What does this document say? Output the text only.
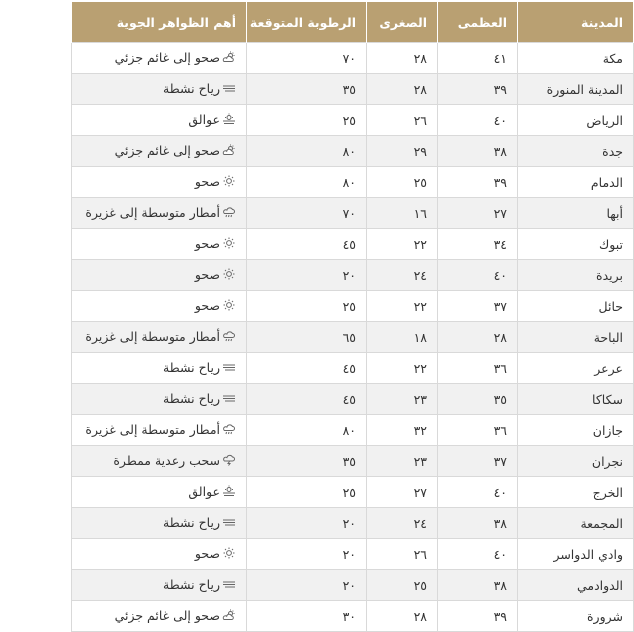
المدينة	العظمى	الصغرى	الرطوبة المتوقعة	أهم الظواهر الجوية
مكة	٤١	٢٨	٧٠	صحو إلى غائم جزئي

المدينة المنورة	٣٩	٢٨	٣٥	رياح نشطة

الرياض	٤٠	٢٦	٢٥	عوالق

جدة	٣٨	٢٩	٨٠	صحو إلى غائم جزئي

الدمام	٣٩	٢٥	٨٠	صحو

أبها	٢٧	١٦	٧٠	أمطار متوسطة إلى غزيرة

تبوك	٣٤	٢٢	٤٥	صحو

بريدة	٤٠	٢٤	٢٠	صحو

حائل	٣٧	٢٢	٢٥	صحو

الباحة	٢٨	١٨	٦٥	أمطار متوسطة إلى غزيرة

عرعر	٣٦	٢٢	٤٥	رياح نشطة

سكاكا	٣٥	٢٣	٤٥	رياح نشطة

جازان	٣٦	٣٢	٨٠	أمطار متوسطة إلى غزيرة

نجران	٣٧	٢٣	٣٥	سحب رعدية ممطرة

الخرج	٤٠	٢٧	٢٥	عوالق

المجمعة	٣٨	٢٤	٢٠	رياح نشطة

وادي الدواسر	٤٠	٢٦	٢٠	صحو

الدوادمي	٣٨	٢٥	٢٠	رياح نشطة

شرورة	٣٩	٢٨	٣٠	صحو إلى غائم جزئي
